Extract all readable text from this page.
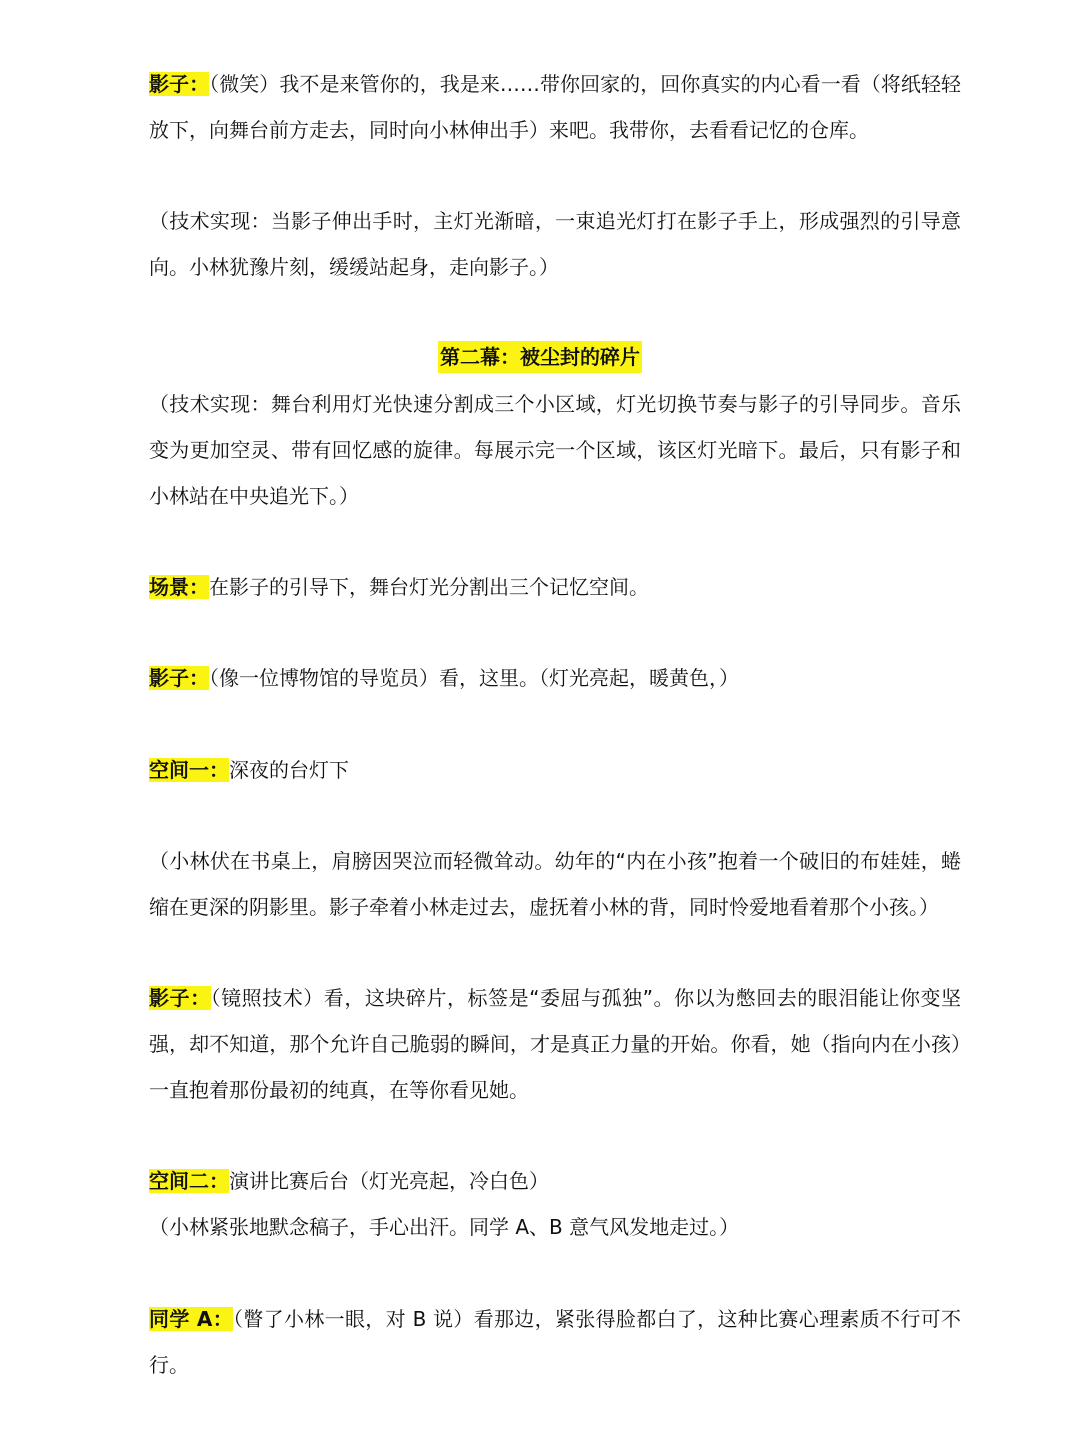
影子：（微笑）我不是来管你的，我是来……带你回家的，回你真实的内心看一看（将纸轻轻放下，向舞台前方走去，同时向小林伸出手）来吧。我带你，去看看记忆的仓库。
（技术实现：当影子伸出手时，主灯光渐暗，一束追光灯打在影子手上，形成强烈的引导意向。小林犹豫片刻，缓缓站起身，走向影子。）
第二幕：被尘封的碎片
（技术实现：舞台利用灯光快速分割成三个小区域，灯光切换节奏与影子的引导同步。音乐变为更加空灵、带有回忆感的旋律。每展示完一个区域，该区灯光暗下。最后，只有影子和小林站在中央追光下。）
场景：在影子的引导下，舞台灯光分割出三个记忆空间。
影子：（像一位博物馆的导览员）看，这里。（灯光亮起，暖黄色，）
空间一：深夜的台灯下
（小林伏在书桌上，肩膀因哭泣而轻微耸动。幼年的“内在小孩”抱着一个破旧的布娃娃，蜷缩在更深的阴影里。影子牵着小林走过去，虚抚着小林的背，同时怜爱地看着那个小孩。）
影子：（镜照技术）看，这块碎片，标签是“委屈与孤独”。你以为憋回去的眼泪能让你变坚强，却不知道，那个允许自己脆弱的瞬间，才是真正力量的开始。你看，她（指向内在小孩）一直抱着那份最初的纯真，在等你看见她。
空间二：演讲比赛后台（灯光亮起，冷白色）
（小林紧张地默念稿子，手心出汗。同学 A、B 意气风发地走过。）
同学 A：（瞥了小林一眼，对 B 说）看那边，紧张得脸都白了，这种比赛心理素质不行可不行。
